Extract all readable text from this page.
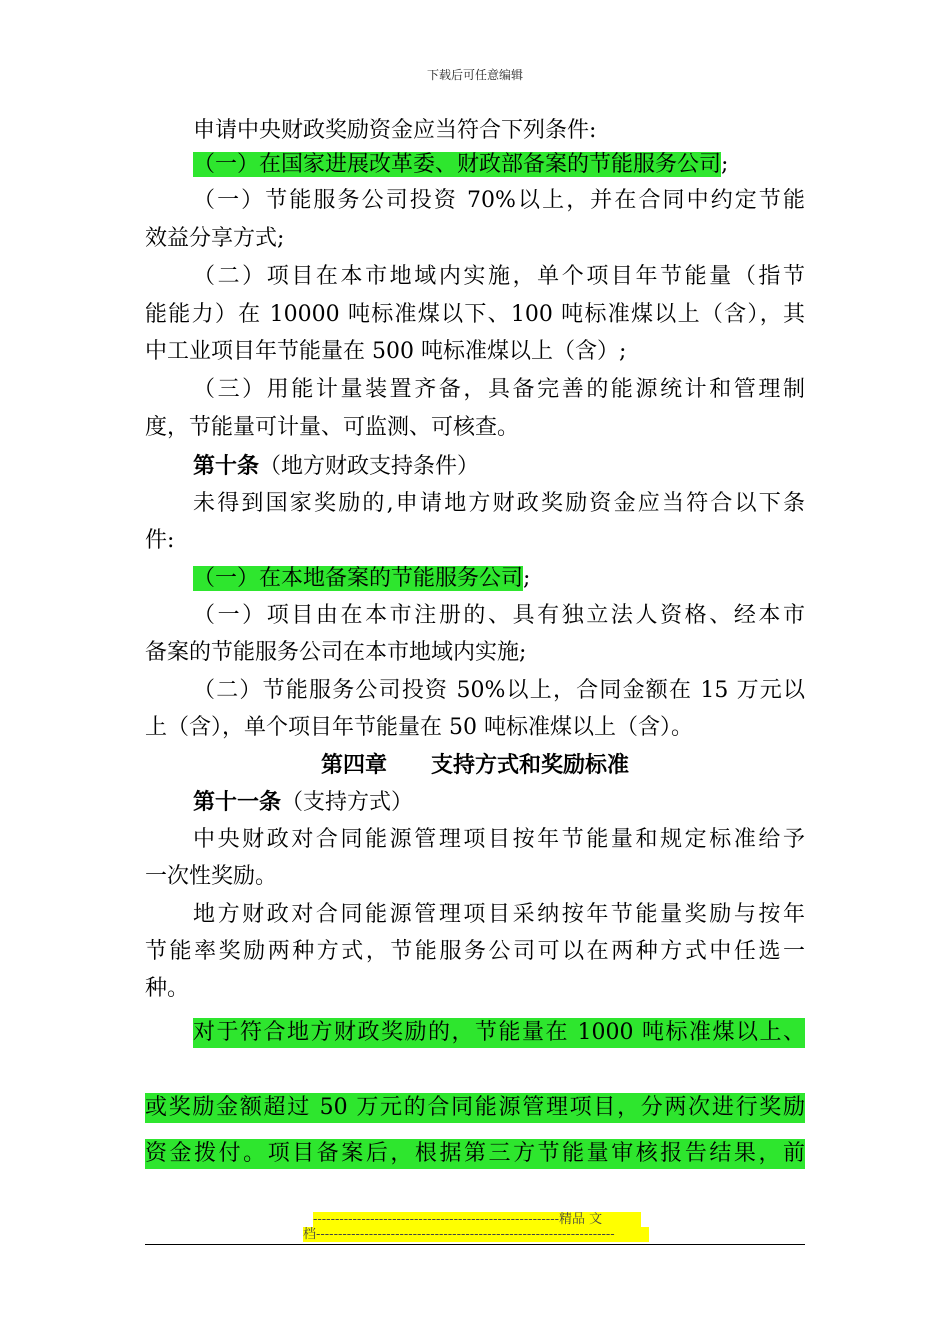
下载后可任意编辑
申请中央财政奖励资金应当符合下列条件:
（一）在国家进展改革委、财政部备案的节能服务公司;
（一）节能服务公司投资 70%以上，并在合同中约定节能
效益分享方式;
（二）项目在本市地域内实施，单个项目年节能量（指节
能能力）在 10000 吨标准煤以下、100 吨标准煤以上（含），其
中工业项目年节能量在 500 吨标准煤以上（含）;
（三）用能计量装置齐备，具备完善的能源统计和管理制
度，节能量可计量、可监测、可核查。
第十条（地方财政支持条件）
未得到国家奖励的,申请地方财政奖励资金应当符合以下条
件:
（一）在本地备案的节能服务公司;
（一）项目由在本市注册的、具有独立法人资格、经本市
备案的节能服务公司在本市地域内实施;
（二）节能服务公司投资 50%以上，合同金额在 15 万元以
上（含），单个项目年节能量在 50 吨标准煤以上（含）。
第四章　　支持方式和奖励标准
第十一条（支持方式）
中央财政对合同能源管理项目按年节能量和规定标准给予
一次性奖励。
地方财政对合同能源管理项目采纳按年节能量奖励与按年
节能率奖励两种方式，节能服务公司可以在两种方式中任选一
种。
对于符合地方财政奖励的，节能量在 1000 吨标准煤以上、
或奖励金额超过 50 万元的合同能源管理项目，分两次进行奖励
资金拨付。项目备案后，根据第三方节能量审核报告结果，前
--------------------------------------------------------精品 文
档--------------------------------------------------------------------
